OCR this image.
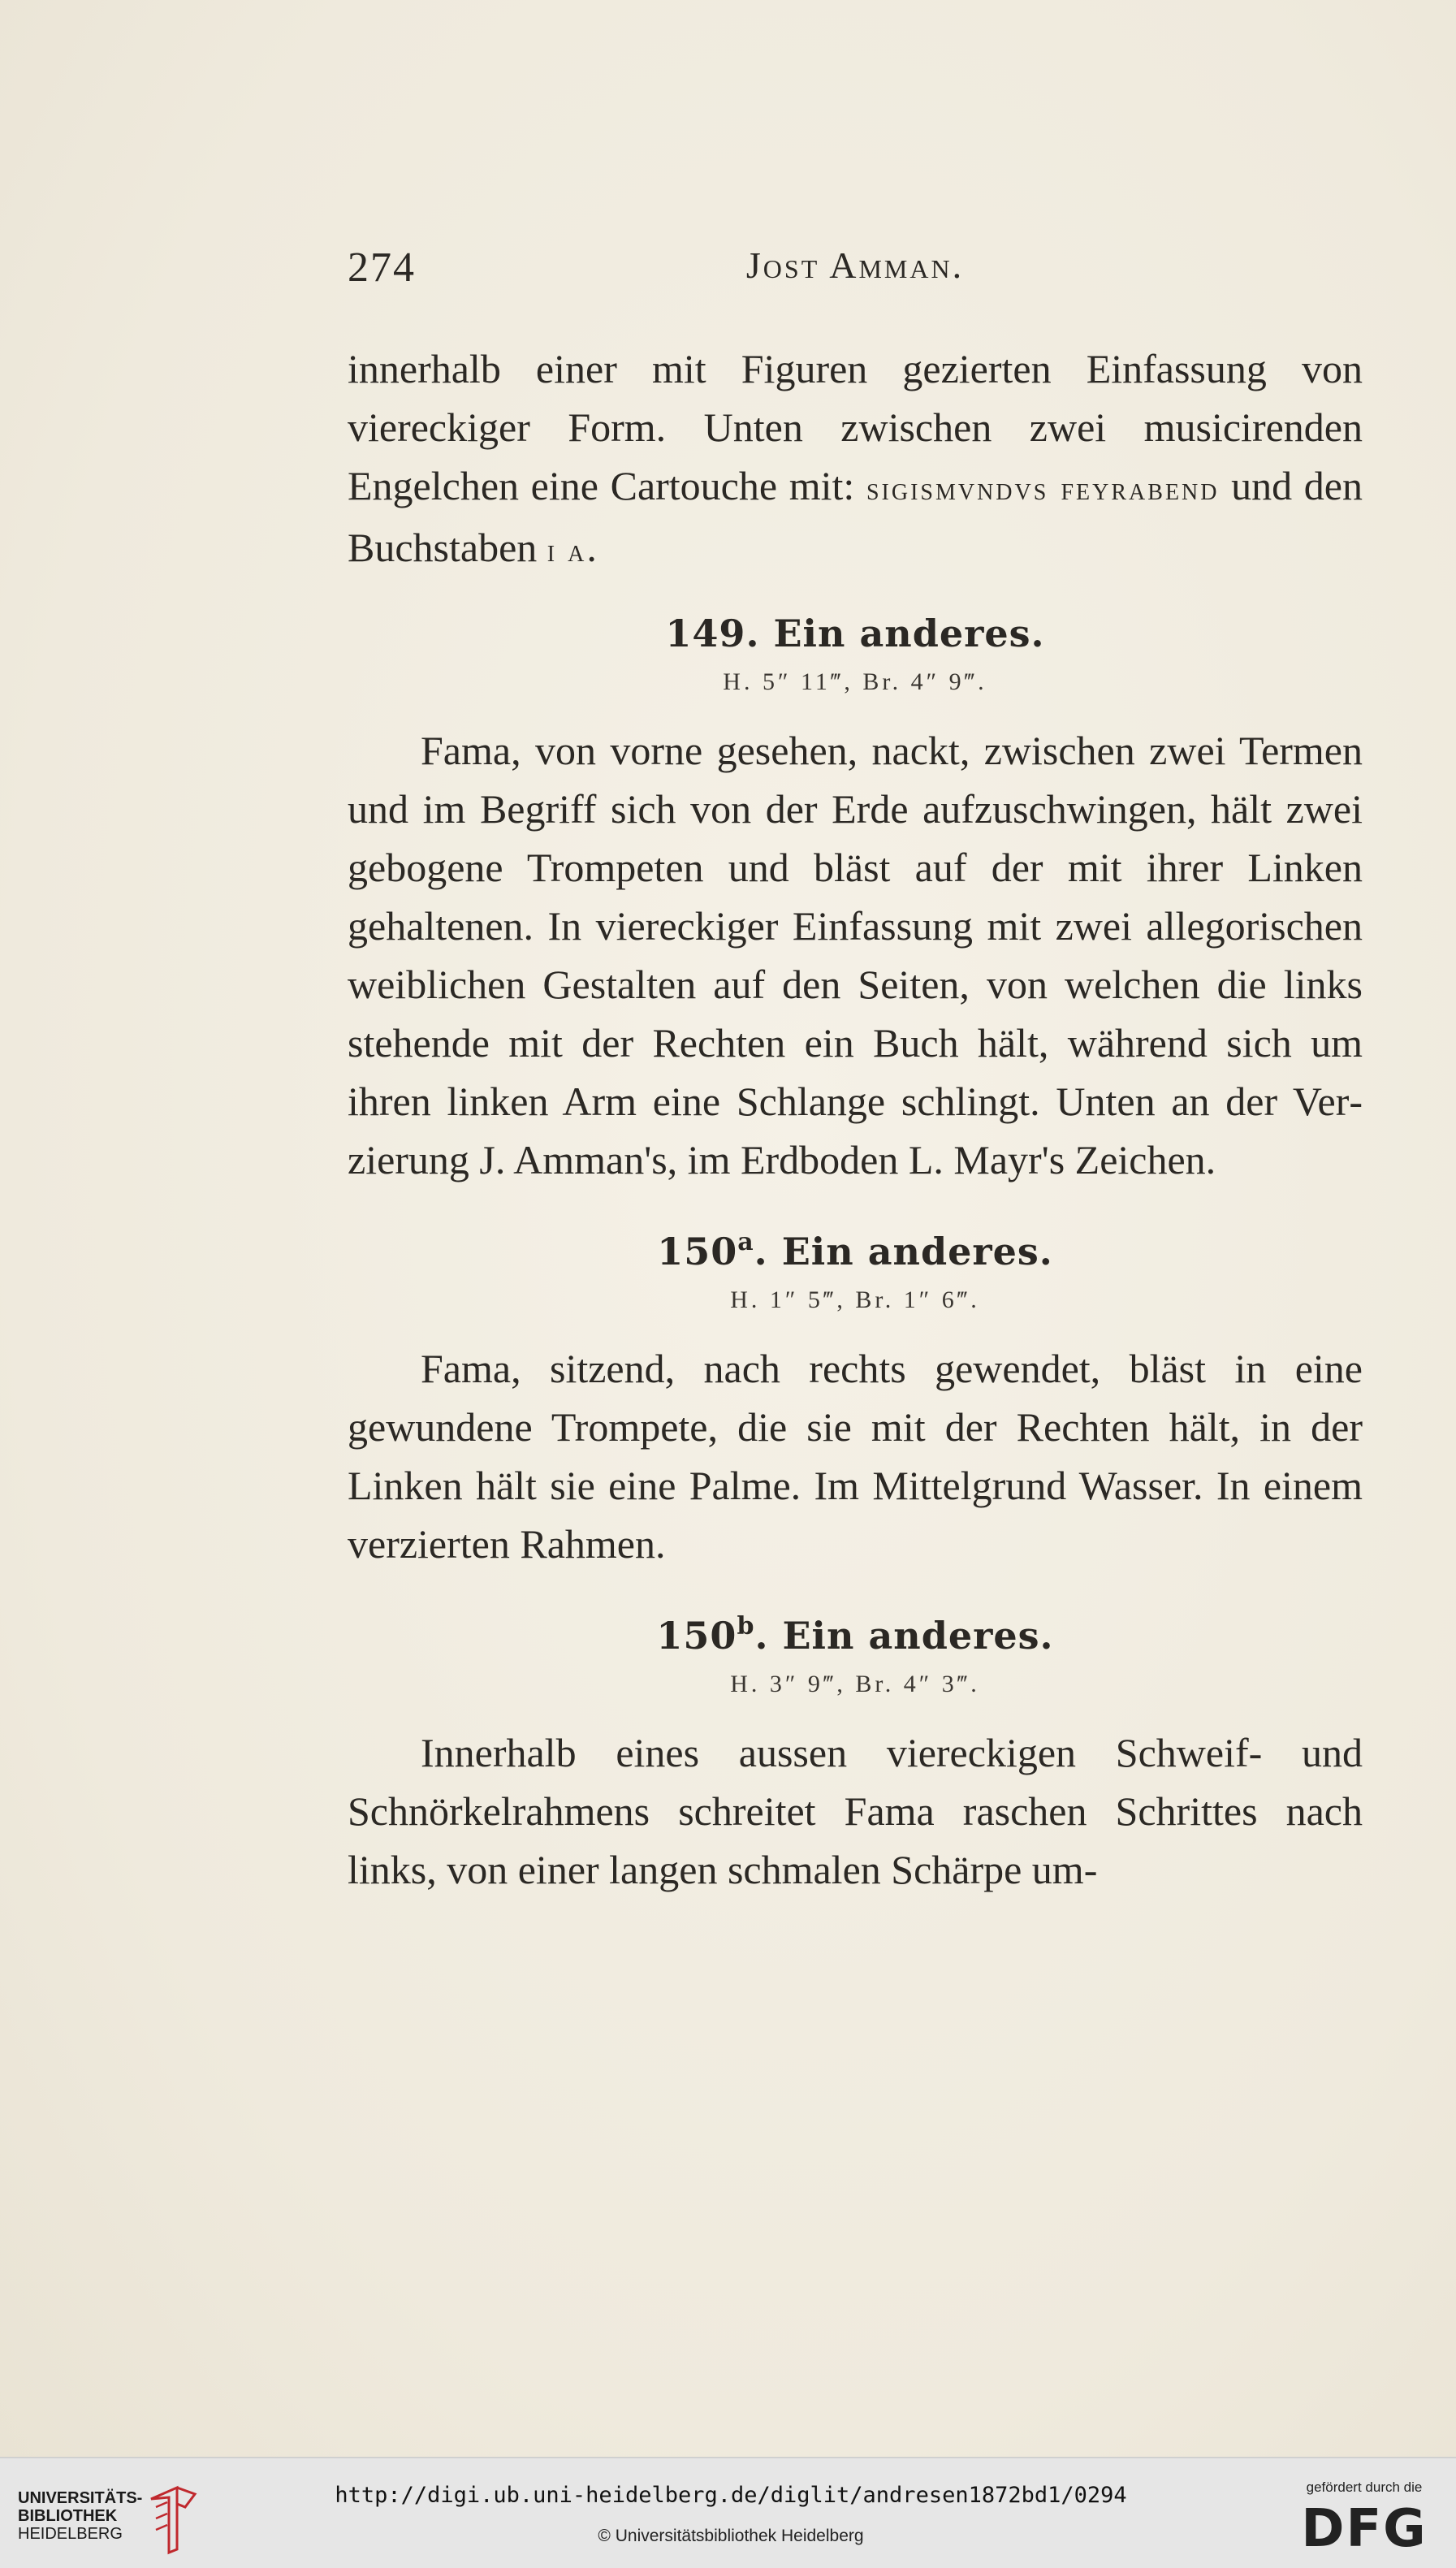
274	Jost Amman.

innerhalb einer mit Figuren gezierten Einfassung von viereckiger Form. Unten zwischen zwei musicirenden Engelchen eine Cartouche mit: sigismvndvs feyrabend und den Buchstaben i a.

149. Ein anderes.
H. 5″ 11‴, Br. 4″ 9‴.

Fama, von vorne gesehen, nackt, zwischen zwei Termen und im Begriff sich von der Erde aufzuschwingen, hält zwei gebogene Trompeten und bläst auf der mit ihrer Linken gehaltenen. In viereckiger Einfassung mit zwei allegorischen weiblichen Gestalten auf den Seiten, von welchen die links stehende mit der Rechten ein Buch hält, während sich um ihren linken Arm eine Schlange schlingt. Unten an der Verzierung J. Amman's, im Erdboden L. Mayr's Zeichen.

150$^a$. Ein anderes.
H. 1″ 5‴, Br. 1″ 6‴.

Fama, sitzend, nach rechts gewendet, bläst in eine gewundene Trompete, die sie mit der Rechten hält, in der Linken hält sie eine Palme. Im Mittelgrund Wasser. In einem verzierten Rahmen.

150$^b$. Ein anderes.
H. 3″ 9‴, Br. 4″ 3‴.

Innerhalb eines aussen viereckigen Schweif- und Schnörkelrahmens schreitet Fama raschen Schrittes nach links, von einer langen schmalen Schärpe um-

UNIVERSITÄTS-
BIBLIOTHEK
HEIDELBERG
http://digi.ub.uni-heidelberg.de/diglit/andresen1872bd1/0294
© Universitätsbibliothek Heidelberg
gefördert durch die
DFG
